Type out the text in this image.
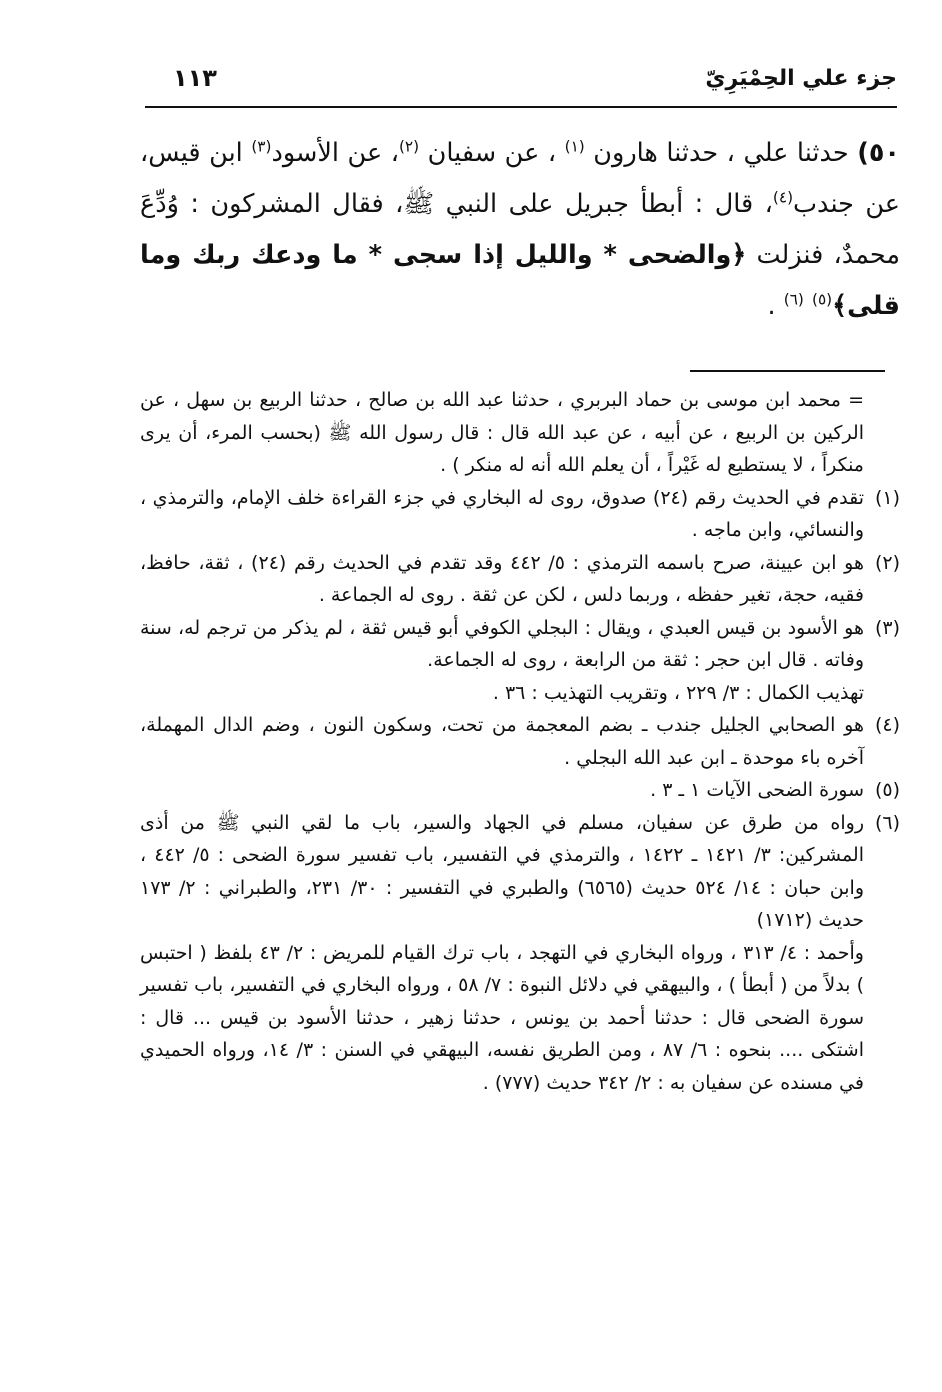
جزء علي الحِمْيَرِيّ
١١٣
٥٠) حدثنا علي ، حدثنا هارون $^{(١)}$ ، عن سفيان $^{(٢)}$، عن الأسود$^{(٣)}$ ابن قيس، عن جندب$^{(٤)}$، قال : أبطأ جبريل على النبي ﷺ، فقال المشركون : وُدِّعَ محمدٌ، فنزلت ﴿والضحى * والليل إذا سجى * ما ودعك ربك وما قلى﴾$^{(٥)}$ $^{(٦)}$ .

= محمد ابن موسى بن حماد البربري ، حدثنا عبد الله بن صالح ، حدثنا الربيع بن سهل ، عن الركين بن الربيع ، عن أبيه ، عن عبد الله قال : قال رسول الله ﷺ (بحسب المرء، أن يرى منكراً ، لا يستطيع له غَيْراً ، أن يعلم الله أنه له منكر ) .

(١)تقدم في الحديث رقم (٢٤) صدوق، روى له البخاري في جزء القراءة خلف الإمام، والترمذي ، والنسائي، وابن ماجه .

(٢)هو ابن عيينة، صرح باسمه الترمذي : ٥/ ٤٤٢ وقد تقدم في الحديث رقم (٢٤) ، ثقة، حافظ، فقيه، حجة، تغير حفظه ، وربما دلس ، لكن عن ثقة . روى له الجماعة .

(٣)هو الأسود بن قيس العبدي ، ويقال : البجلي الكوفي أبو قيس ثقة ، لم يذكر من ترجم له، سنة وفاته . قال ابن حجر : ثقة من الرابعة ، روى له الجماعة.

تهذيب الكمال : ٣/ ٢٢٩ ، وتقريب التهذيب : ٣٦ .

(٤)هو الصحابي الجليل جندب ـ بضم المعجمة من تحت، وسكون النون ، وضم الدال المهملة، آخره باء موحدة ـ ابن عبد الله البجلي .

(٥)سورة الضحى الآيات ١ ـ ٣ .

(٦)رواه من طرق عن سفيان، مسلم في الجهاد والسير، باب ما لقي النبي ﷺ من أذى المشركين: ٣/ ١٤٢١ ـ ١٤٢٢ ، والترمذي في التفسير، باب تفسير سورة الضحى : ٥/ ٤٤٢ ، وابن حبان : ١٤/ ٥٢٤ حديث (٦٥٦٥) والطبري في التفسير : ٣٠/ ٢٣١، والطبراني : ٢/ ١٧٣ حديث (١٧١٢)

وأحمد : ٤/ ٣١٣ ، ورواه البخاري في التهجد ، باب ترك القيام للمريض : ٢/ ٤٣ بلفظ ( احتبس ) بدلاً من ( أبطأ ) ، والبيهقي في دلائل النبوة : ٧/ ٥٨ ، ورواه البخاري في التفسير، باب تفسير سورة الضحى قال : حدثنا أحمد بن يونس ، حدثنا زهير ، حدثنا الأسود بن قيس ... قال : اشتكى .... بنحوه : ٦/ ٨٧ ، ومن الطريق نفسه، البيهقي في السنن : ٣/ ١٤، ورواه الحميدي في مسنده عن سفيان به : ٢/ ٣٤٢ حديث (٧٧٧) .
